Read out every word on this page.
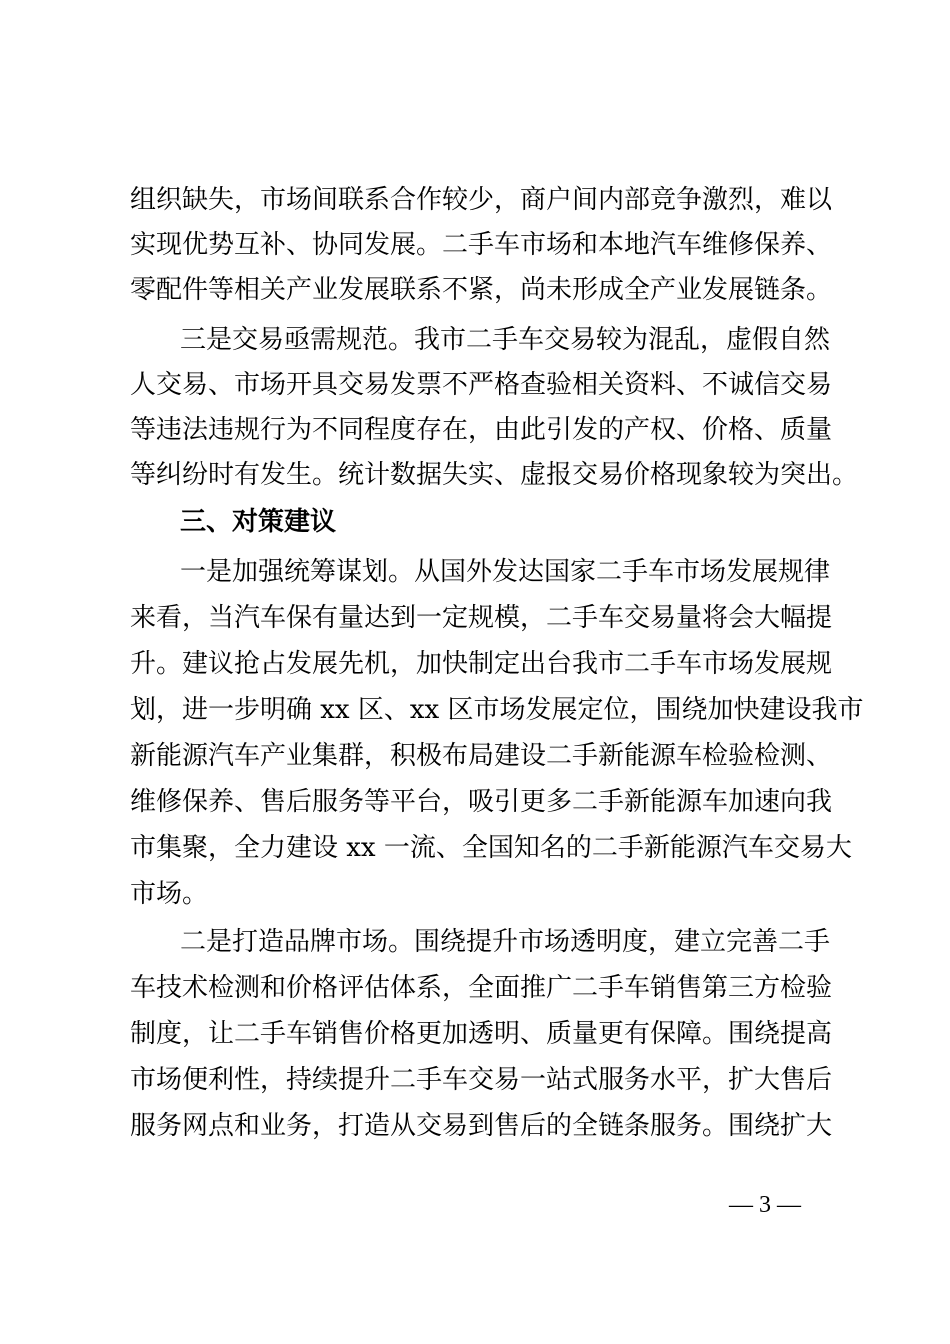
组织缺失，市场间联系合作较少，商户间内部竞争激烈，难以
实现优势互补、协同发展。二手车市场和本地汽车维修保养、
零配件等相关产业发展联系不紧，尚未形成全产业发展链条。
三是交易亟需规范。我市二手车交易较为混乱，虚假自然
人交易、市场开具交易发票不严格查验相关资料、不诚信交易
等违法违规行为不同程度存在，由此引发的产权、价格、质量
等纠纷时有发生。统计数据失实、虚报交易价格现象较为突出。
三、对策建议
一是加强统筹谋划。从国外发达国家二手车市场发展规律
来看，当汽车保有量达到一定规模，二手车交易量将会大幅提
升。建议抢占发展先机，加快制定出台我市二手车市场发展规
划，进一步明确 xx 区、xx 区市场发展定位，围绕加快建设我市
新能源汽车产业集群，积极布局建设二手新能源车检验检测、
维修保养、售后服务等平台，吸引更多二手新能源车加速向我
市集聚，全力建设 xx 一流、全国知名的二手新能源汽车交易大
市场。
二是打造品牌市场。围绕提升市场透明度，建立完善二手
车技术检测和价格评估体系，全面推广二手车销售第三方检验
制度，让二手车销售价格更加透明、质量更有保障。围绕提高
市场便利性，持续提升二手车交易一站式服务水平，扩大售后
服务网点和业务，打造从交易到售后的全链条服务。围绕扩大
— 3 —
